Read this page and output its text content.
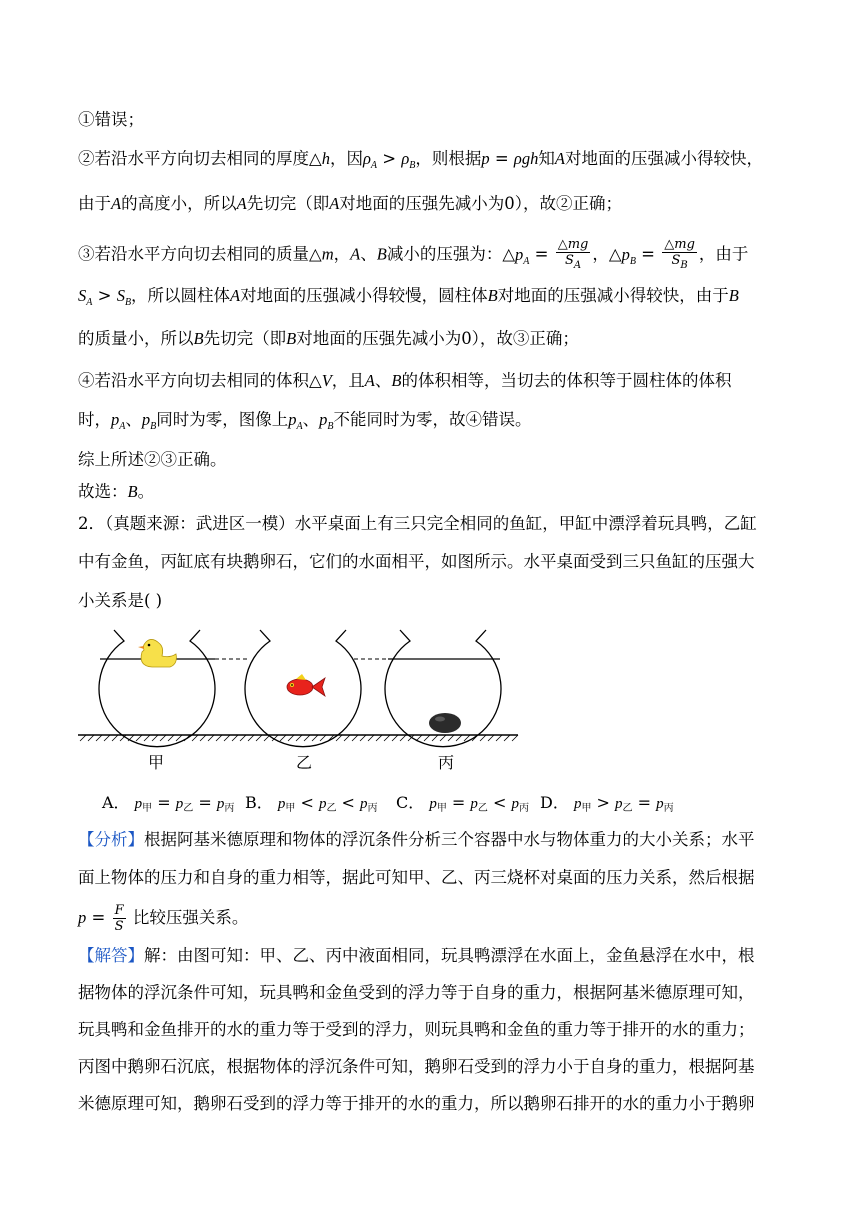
①错误；
②若沿水平方向切去相同的厚度△h，因$\rho_A > \rho_B$，则根据p = ρgh知A对地面的压强减小得较快，
由于A的高度小，所以A先切完（即A对地面的压强先减小为0），故②正确；
③若沿水平方向切去相同的质量△m，A、B减小的压强为：$\triangle p_A = \frac{\triangle mg}{S_A}$ ，$\triangle p_B = \frac{\triangle mg}{S_B}$ ，由于
$S_A > S_B$，所以圆柱体A对地面的压强减小得较慢，圆柱体B对地面的压强减小得较快，由于B
的质量小，所以B先切完（即B对地面的压强先减小为0），故③正确；
④若沿水平方向切去相同的体积△V，且A、B的体积相等，当切去的体积等于圆柱体的体积
时，$p_A$、$p_B$同时为零，图像上$p_A$、$p_B$不能同时为零，故④错误。
综上所述②③正确。
故选：B。
2．（真题来源：武进区一模）水平桌面上有三只完全相同的鱼缸，甲缸中漂浮着玩具鸭，乙缸
中有金鱼，丙缸底有块鹅卵石，它们的水面相平，如图所示。水平桌面受到三只鱼缸的压强大
小关系是( )
甲	乙	丙
A． $p_甲 = p_乙 = p_丙$ B． $p_甲 < p_乙 < p_丙$ C． $p_甲 = p_乙 < p_丙$ D． $p_甲 > p_乙 = p_丙$
【分析】根据阿基米德原理和物体的浮沉条件分析三个容器中水与物体重力的大小关系；水平
面上物体的压力和自身的重力相等，据此可知甲、乙、丙三烧杯对桌面的压力关系，然后根据
$p = \frac{F}{S}$ 比较压强关系。
【解答】解：由图可知：甲、乙、丙中液面相同，玩具鸭漂浮在水面上，金鱼悬浮在水中，根
据物体的浮沉条件可知，玩具鸭和金鱼受到的浮力等于自身的重力，根据阿基米德原理可知，
玩具鸭和金鱼排开的水的重力等于受到的浮力，则玩具鸭和金鱼的重力等于排开的水的重力；
丙图中鹅卵石沉底，根据物体的浮沉条件可知，鹅卵石受到的浮力小于自身的重力，根据阿基
米德原理可知，鹅卵石受到的浮力等于排开的水的重力，所以鹅卵石排开的水的重力小于鹅卵
